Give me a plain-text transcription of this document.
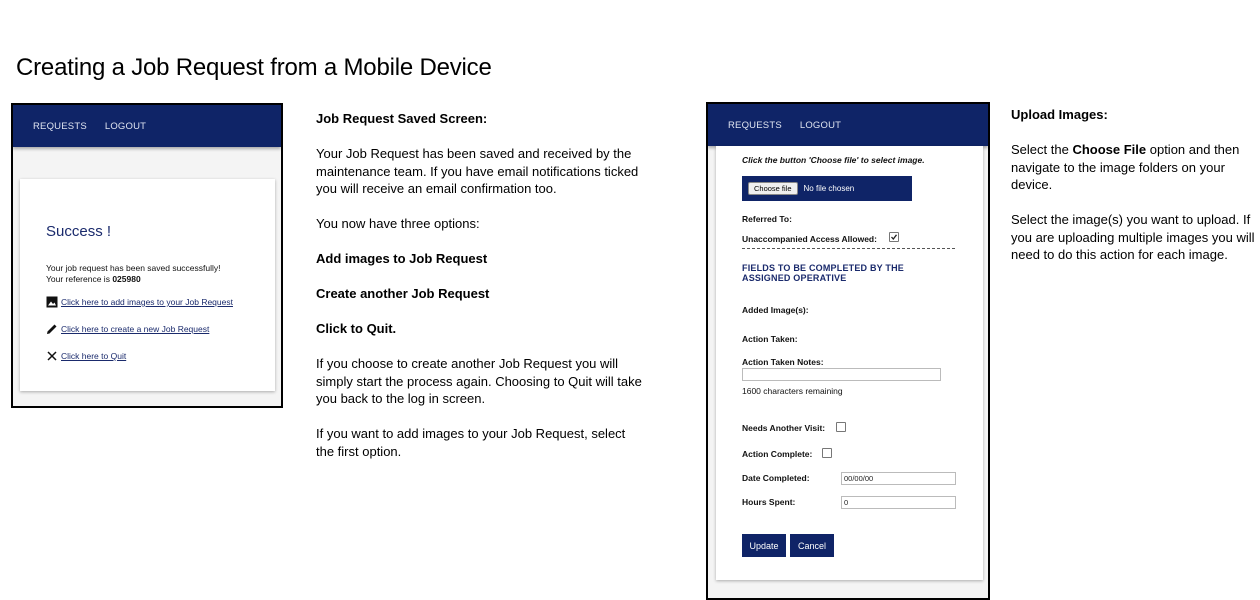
Creating a Job Request from a Mobile Device
REQUESTS LOGOUT
Success !
Your job request has been saved successfully!
Your reference is 025980
Click here to add images to your Job Request
Click here to create a new Job Request
Click here to Quit

Job Request Saved Screen:

Your Job Request has been saved and received by the maintenance team. If you have email notifications ticked you will receive an email confirmation too.

You now have three options:

Add images to Job Request

Create another Job Request

Click to Quit.

If you choose to create another Job Request you will simply start the process again. Choosing to Quit will take you back to the log in screen.

If you want to add images to your Job Request, select the first option.

REQUESTS LOGOUT
Click the button 'Choose file' to select image.
Choose file	No file chosen
Referred To:
Unaccompanied Access Allowed:
FIELDS TO BE COMPLETED BY THE ASSIGNED OPERATIVE
Added Image(s):
Action Taken:
Action Taken Notes:
1600 characters remaining
Needs Another Visit:
Action Complete:
Date Completed:	00/00/00
Hours Spent:	0
Update	Cancel

Upload Images:

Select the Choose File option and then navigate to the image folders on your device.

Select the image(s) you want to upload. If you are uploading multiple images you will need to do this action for each image.
